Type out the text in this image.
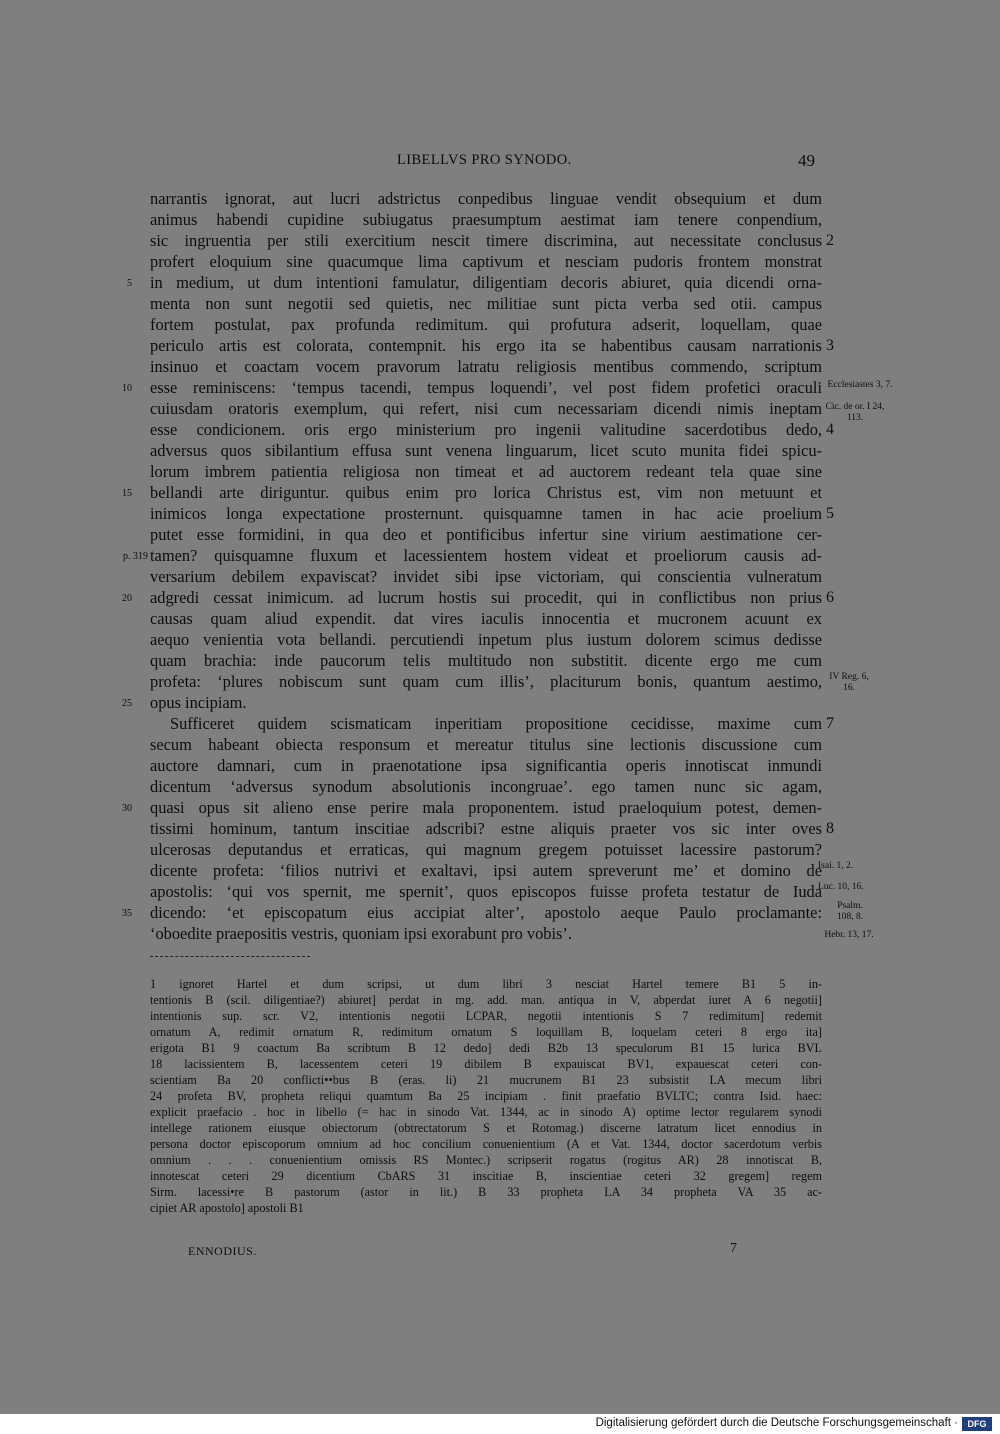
LIBELLVS PRO SYNODO.	49
narrantis ignorat, aut lucri adstrictus conpedibus linguae vendit obsequium et dum
animus habendi cupidine subiugatus praesumptum aestimat iam tenere conpendium,
sic ingruentia per stili exercitium nescit timere discrimina, aut necessitate conclusus
profert eloquium sine quacumque lima captivum et nesciam pudoris frontem monstrat
in medium, ut dum intentioni famulatur, diligentiam decoris abiuret, quia dicendi orna-
menta non sunt negotii sed quietis, nec militiae sunt picta verba sed otii. campus
fortem postulat, pax profunda redimitum. qui profutura adserit, loquellam, quae
periculo artis est colorata, contempnit. his ergo ita se habentibus causam narrationis
insinuo et coactam vocem pravorum latratu religiosis mentibus commendo, scriptum
esse reminiscens: ‘tempus tacendi, tempus loquendi’, vel post fidem profetici oraculi
cuiusdam oratoris exemplum, qui refert, nisi cum necessariam dicendi nimis ineptam
esse condicionem. oris ergo ministerium pro ingenii valitudine sacerdotibus dedo,
adversus quos sibilantium effusa sunt venena linguarum, licet scuto munita fidei spicu-
lorum imbrem patientia religiosa non timeat et ad auctorem redeant tela quae sine
bellandi arte diriguntur. quibus enim pro lorica Christus est, vim non metuunt et
inimicos longa expectatione prosternunt. quisquamne tamen in hac acie proelium
putet esse formidini, in qua deo et pontificibus infertur sine virium aestimatione cer-
tamen? quisquamne fluxum et lacessientem hostem videat et proeliorum causis ad-
versarium debilem expaviscat? invidet sibi ipse victoriam, qui conscientia vulneratum
adgredi cessat inimicum. ad lucrum hostis sui procedit, qui in conflictibus non prius
causas quam aliud expendit. dat vires iaculis innocentia et mucronem acuunt ex
aequo venientia vota bellandi. percutiendi inpetum plus iustum dolorem scimus dedisse
quam brachia: inde paucorum telis multitudo non substitit. dicente ergo me cum
profeta: ‘plures nobiscum sunt quam cum illis’, placiturum bonis, quantum aestimo,
opus incipiam.
Sufficeret quidem scismaticam inperitiam propositione cecidisse, maxime cum
secum habeant obiecta responsum et mereatur titulus sine lectionis discussione cum
auctore damnari, cum in praenotatione ipsa significantia operis innotiscat inmundi
dicentum ‘adversus synodum absolutionis incongruae’. ego tamen nunc sic agam,
quasi opus sit alieno ense perire mala proponentem. istud praeloquium potest, demen-
tissimi hominum, tantum inscitiae adscribi? estne aliquis praeter vos sic inter oves
ulcerosas deputandus et erraticas, qui magnum gregem potuisset lacessire pastorum?
dicente profeta: ‘filios nutrivi et exaltavi, ipsi autem spreverunt me’ et domino de
apostolis: ‘qui vos spernit, me spernit’, quos episcopos fuisse profeta testatur de Iuda
dicendo: ‘et episcopatum eius accipiat alter’, apostolo aeque Paulo proclamante:
‘oboedite praepositis vestris, quoniam ipsi exorabunt pro vobis’.
5
10
15
p. 319
20
25
30
35
2
3
4
5
6
7
8
Ecclesiastes 3, 7.
Cic. de or. I 24, 113.
IV Reg. 6, 16.
Isai. 1, 2.
Luc. 10, 16.
Psalm. 108, 8.
Hebr. 13, 17.
1 ignoret Hartel et dum scripsi, ut dum libri 3 nesciat Hartel temere B1 5 in-
tentionis B (scil. diligentiae?) abiuret] perdat in mg. add. man. antiqua in V, abperdat iuret A 6 negotii]
intentionis sup. scr. V2, intentionis negotii LCPAR, negotii intentionis S 7 redimitum] redemit
ornatum A, redimit ornatum R, redimitum ornatum S loquillam B, loquelam ceteri 8 ergo ita]
erigota B1 9 coactum Ba scribtum B 12 dedo] dedi B2b 13 speculorum B1 15 lurica BVL
18 lacissientem B, lacessentem ceteri 19 dibilem B expauiscat BV1, expauescat ceteri con-
scientiam Ba 20 conflicti••bus B (eras. li) 21 mucrunem B1 23 subsistit LA mecum libri
24 profeta BV, propheta reliqui quamtum Ba 25 incipiam . finit praefatio BVLTC; contra Isid. haec:
explicit praefacio . hoc in libello (= hac in sinodo Vat. 1344, ac in sinodo A) optime lector regularem synodi
intellege rationem eiusque obiectorum (obtrectatorum S et Rotomag.) discerne latratum licet ennodius in
persona doctor episcoporum omnium ad hoc concilium conuenientium (A et Vat. 1344, doctor sacerdotum verbis
omnium . . . conuenientium omissis RS Montec.) scripserit rogatus (rogitus AR) 28 innotiscat B,
innotescat ceteri 29 dicentium CbARS 31 inscitiae B, inscientiae ceteri 32 gregem] regem
Sirm. lacessi•re B pastorum (astor in lit.) B 33 propheta LA 34 propheta VA 35 ac-
cipiet AR apostolo] apostoli B1
ENNODIUS.	7
Digitalisierung gefördert durch die Deutsche Forschungsgemeinschaft ·	DFG
